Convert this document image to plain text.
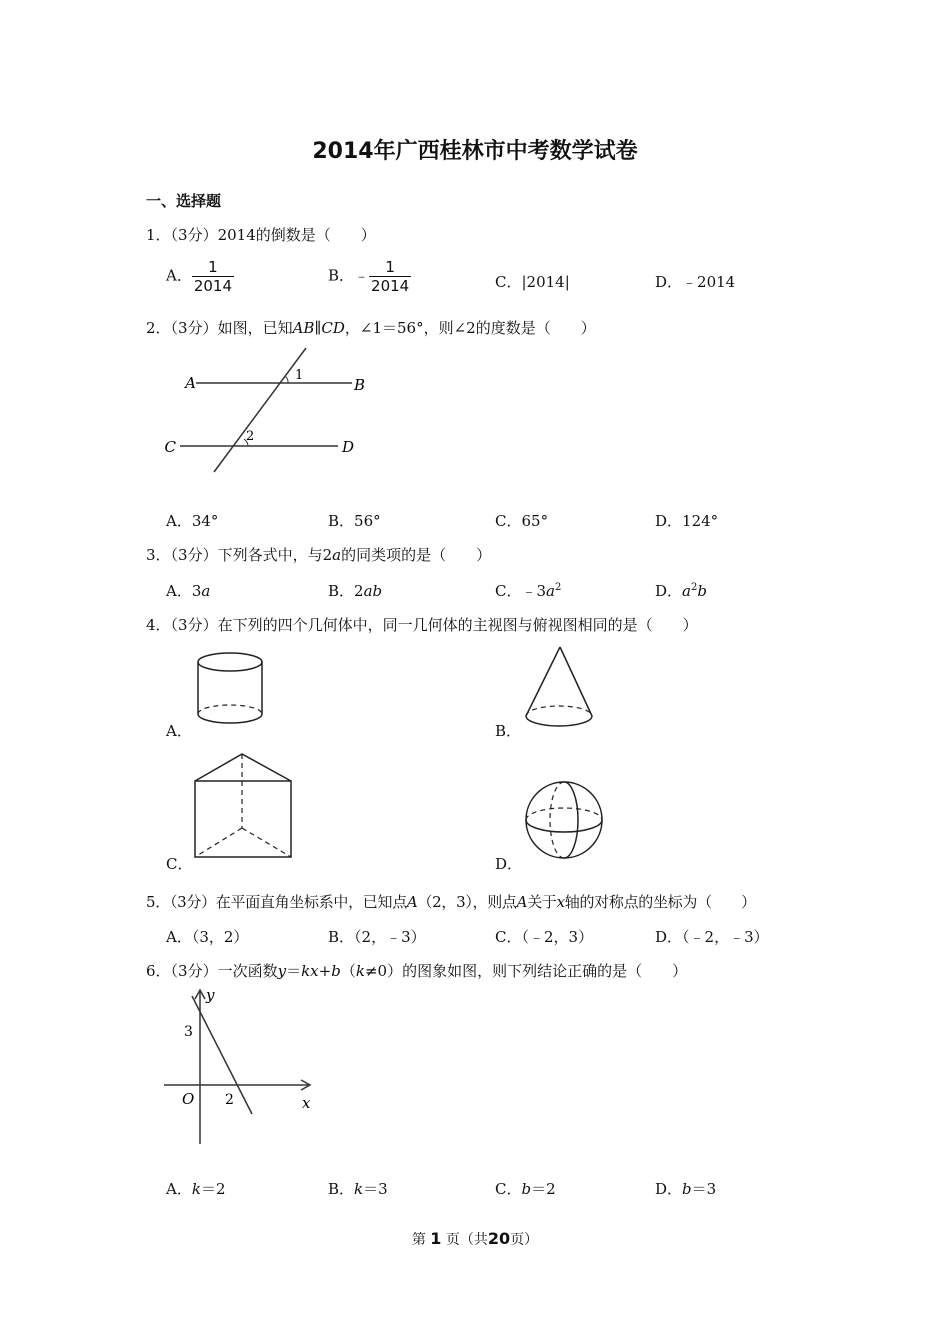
2014年广西桂林市中考数学试卷
一、选择题
1．（3分）2014的倒数是（　　）
A． $\frac{1}{2014}$	B．﹣ $\frac{1}{2014}$	C．|2014|	D．﹣2014
2．（3分）如图，已知AB∥CD，∠1＝56°，则∠2的度数是（　　）
A	B
C	D
1
2
A．34°	B．56°	C．65°	D．124°
3．（3分）下列各式中，与2a的同类项的是（　　）
A．3a	B．2ab	C．$﹣3a^2$	D．$a^2b$
4．（3分）在下列的四个几何体中，同一几何体的主视图与俯视图相同的是（　　）
A．	B．
C．	D．
5．（3分）在平面直角坐标系中，已知点A（2，3），则点A关于x轴的对称点的坐标为（　　）
A．（3，2）	B．（2，﹣3）	C．（﹣2，3）	D．（﹣2，﹣3）
6．（3分）一次函数y＝kx+b（k≠0）的图象如图，则下列结论正确的是（　　）
y
x
O
3
2
A．k＝2	B．k＝3	C．b＝2	D．b＝3
第 1 页（共20页）
